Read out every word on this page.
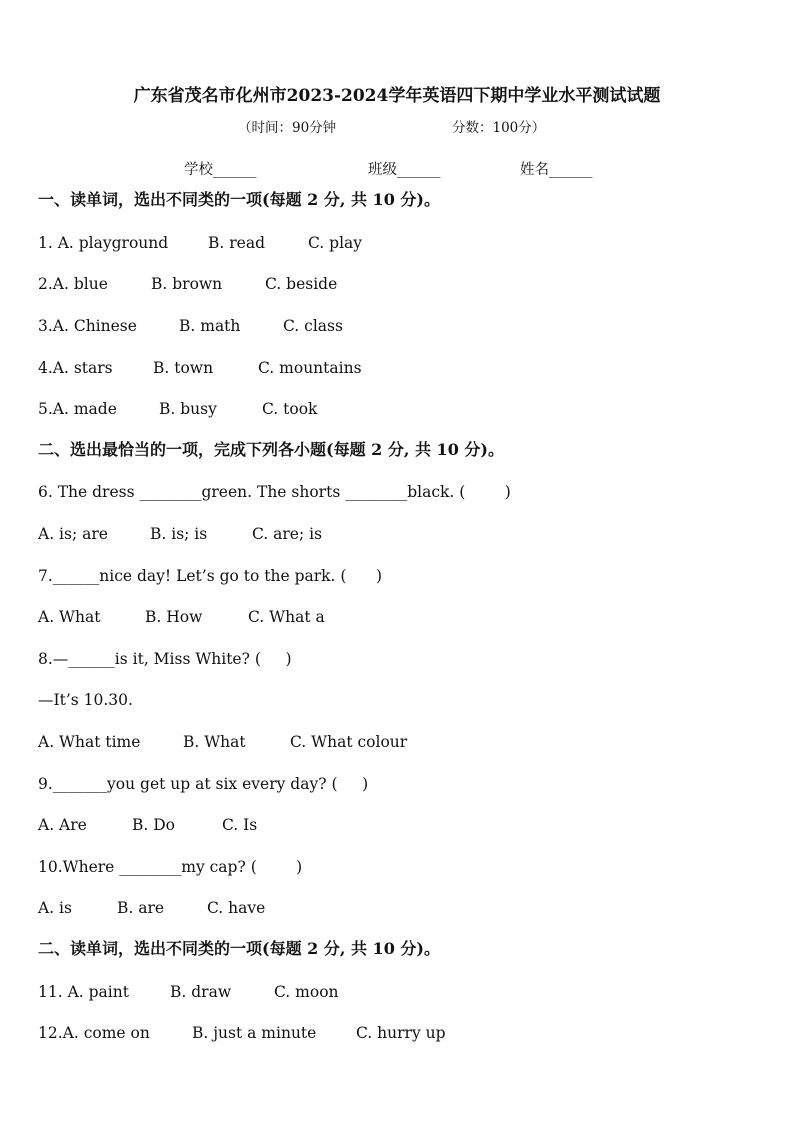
广东省茂名市化州市2023-2024学年英语四下期中学业水平测试试题
（时间：90分钟	分数：100分）
学校______	班级______	姓名______
一、读单词，选出不同类的一项(每题 2 分, 共 10 分)。
1. A. playground	B. read	C. play
2.A. blue	B. brown	C. beside
3.A. Chinese	B. math	C. class
4.A. stars	B. town	C. mountains
5.A. made	B. busy	C. took
二、选出最恰当的一项，完成下列各小题(每题 2 分, 共 10 分)。
6. The dress ________green. The shorts ________black. (        )
A. is; are	B. is; is	C. are; is
7.______nice day! Let’s go to the park. (      )
A. What	B. How	C. What a
8.—______is it, Miss White? (     )
—It’s 10.30.
A. What time	B. What	C. What colour
9._______you get up at six every day? (     )
A. Are	B. Do	C. Is
10.Where ________my cap? (        )
A. is	B. are	C. have
二、读单词，选出不同类的一项(每题 2 分, 共 10 分)。
11. A. paint	B. draw	C. moon
12.A. come on	B. just a minute	C. hurry up
